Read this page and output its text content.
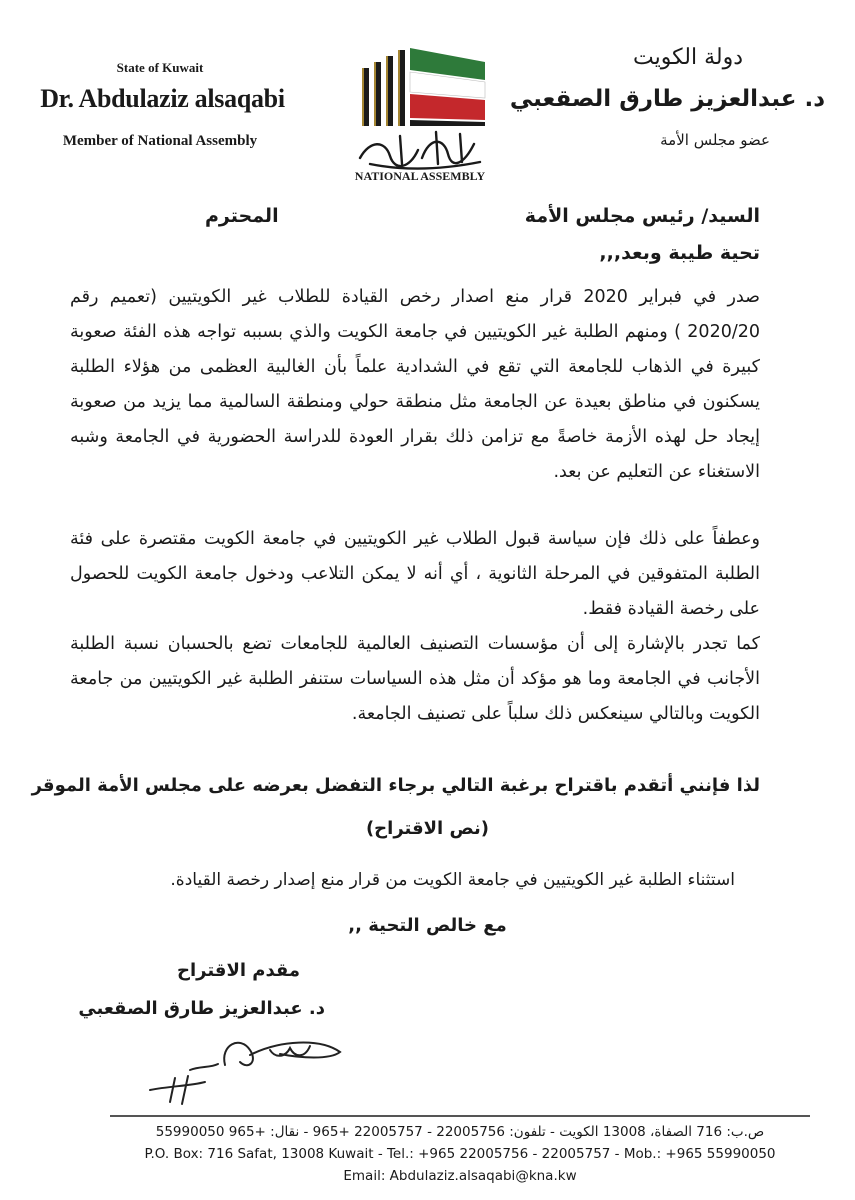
State of Kuwait
Dr. Abdulaziz alsaqabi
Member of National Assembly
دولة الكويت
د. عبدالعزيز طارق الصقعبي
عضو مجلس الأمة
NATIONAL ASSEMBLY
السيد/ رئيس مجلس الأمة
المحترم
تحية طيبة وبعد,,,
صدر في فبراير 2020 قرار منع اصدار رخص القيادة للطلاب غير الكويتيين (تعميم رقم 2020/20 ) ومنهم الطلبة غير الكويتيين في جامعة الكويت والذي بسببه تواجه هذه الفئة صعوبة كبيرة في الذهاب للجامعة التي تقع في الشدادية علماً بأن الغالبية العظمى من هؤلاء الطلبة يسكنون في مناطق بعيدة عن الجامعة مثل منطقة حولي ومنطقة السالمية مما يزيد من صعوبة إيجاد حل لهذه الأزمة خاصةً مع تزامن ذلك بقرار العودة للدراسة الحضورية في الجامعة وشبه الاستغناء عن التعليم عن بعد.
وعطفاً على ذلك فإن سياسة قبول الطلاب غير الكويتيين في جامعة الكويت مقتصرة على فئة الطلبة المتفوقين في المرحلة الثانوية ، أي أنه لا يمكن التلاعب ودخول جامعة الكويت للحصول على رخصة القيادة فقط.
كما تجدر بالإشارة إلى أن مؤسسات التصنيف العالمية للجامعات تضع بالحسبان نسبة الطلبة الأجانب في الجامعة وما هو مؤكد أن مثل هذه السياسات ستنفر الطلبة غير الكويتيين من جامعة الكويت وبالتالي سينعكس ذلك سلباً على تصنيف الجامعة.
لذا فإنني أتقدم باقتراح برغبة التالي برجاء التفضل بعرضه على مجلس الأمة الموقر
(نص الاقتراح)
استثناء الطلبة غير الكويتيين في جامعة الكويت من قرار منع إصدار رخصة القيادة.
مع خالص التحية ,,
مقدم الاقتراح
د. عبدالعزيز طارق الصقعبي
ص.ب: 716 الصفاة، 13008 الكويت - تلفون: 22005756 - 22005757 +965 - نقال: +965 55990050
P.O. Box: 716 Safat, 13008 Kuwait - Tel.: +965 22005756 - 22005757 - Mob.: +965 55990050
Email: Abdulaziz.alsaqabi@kna.kw
